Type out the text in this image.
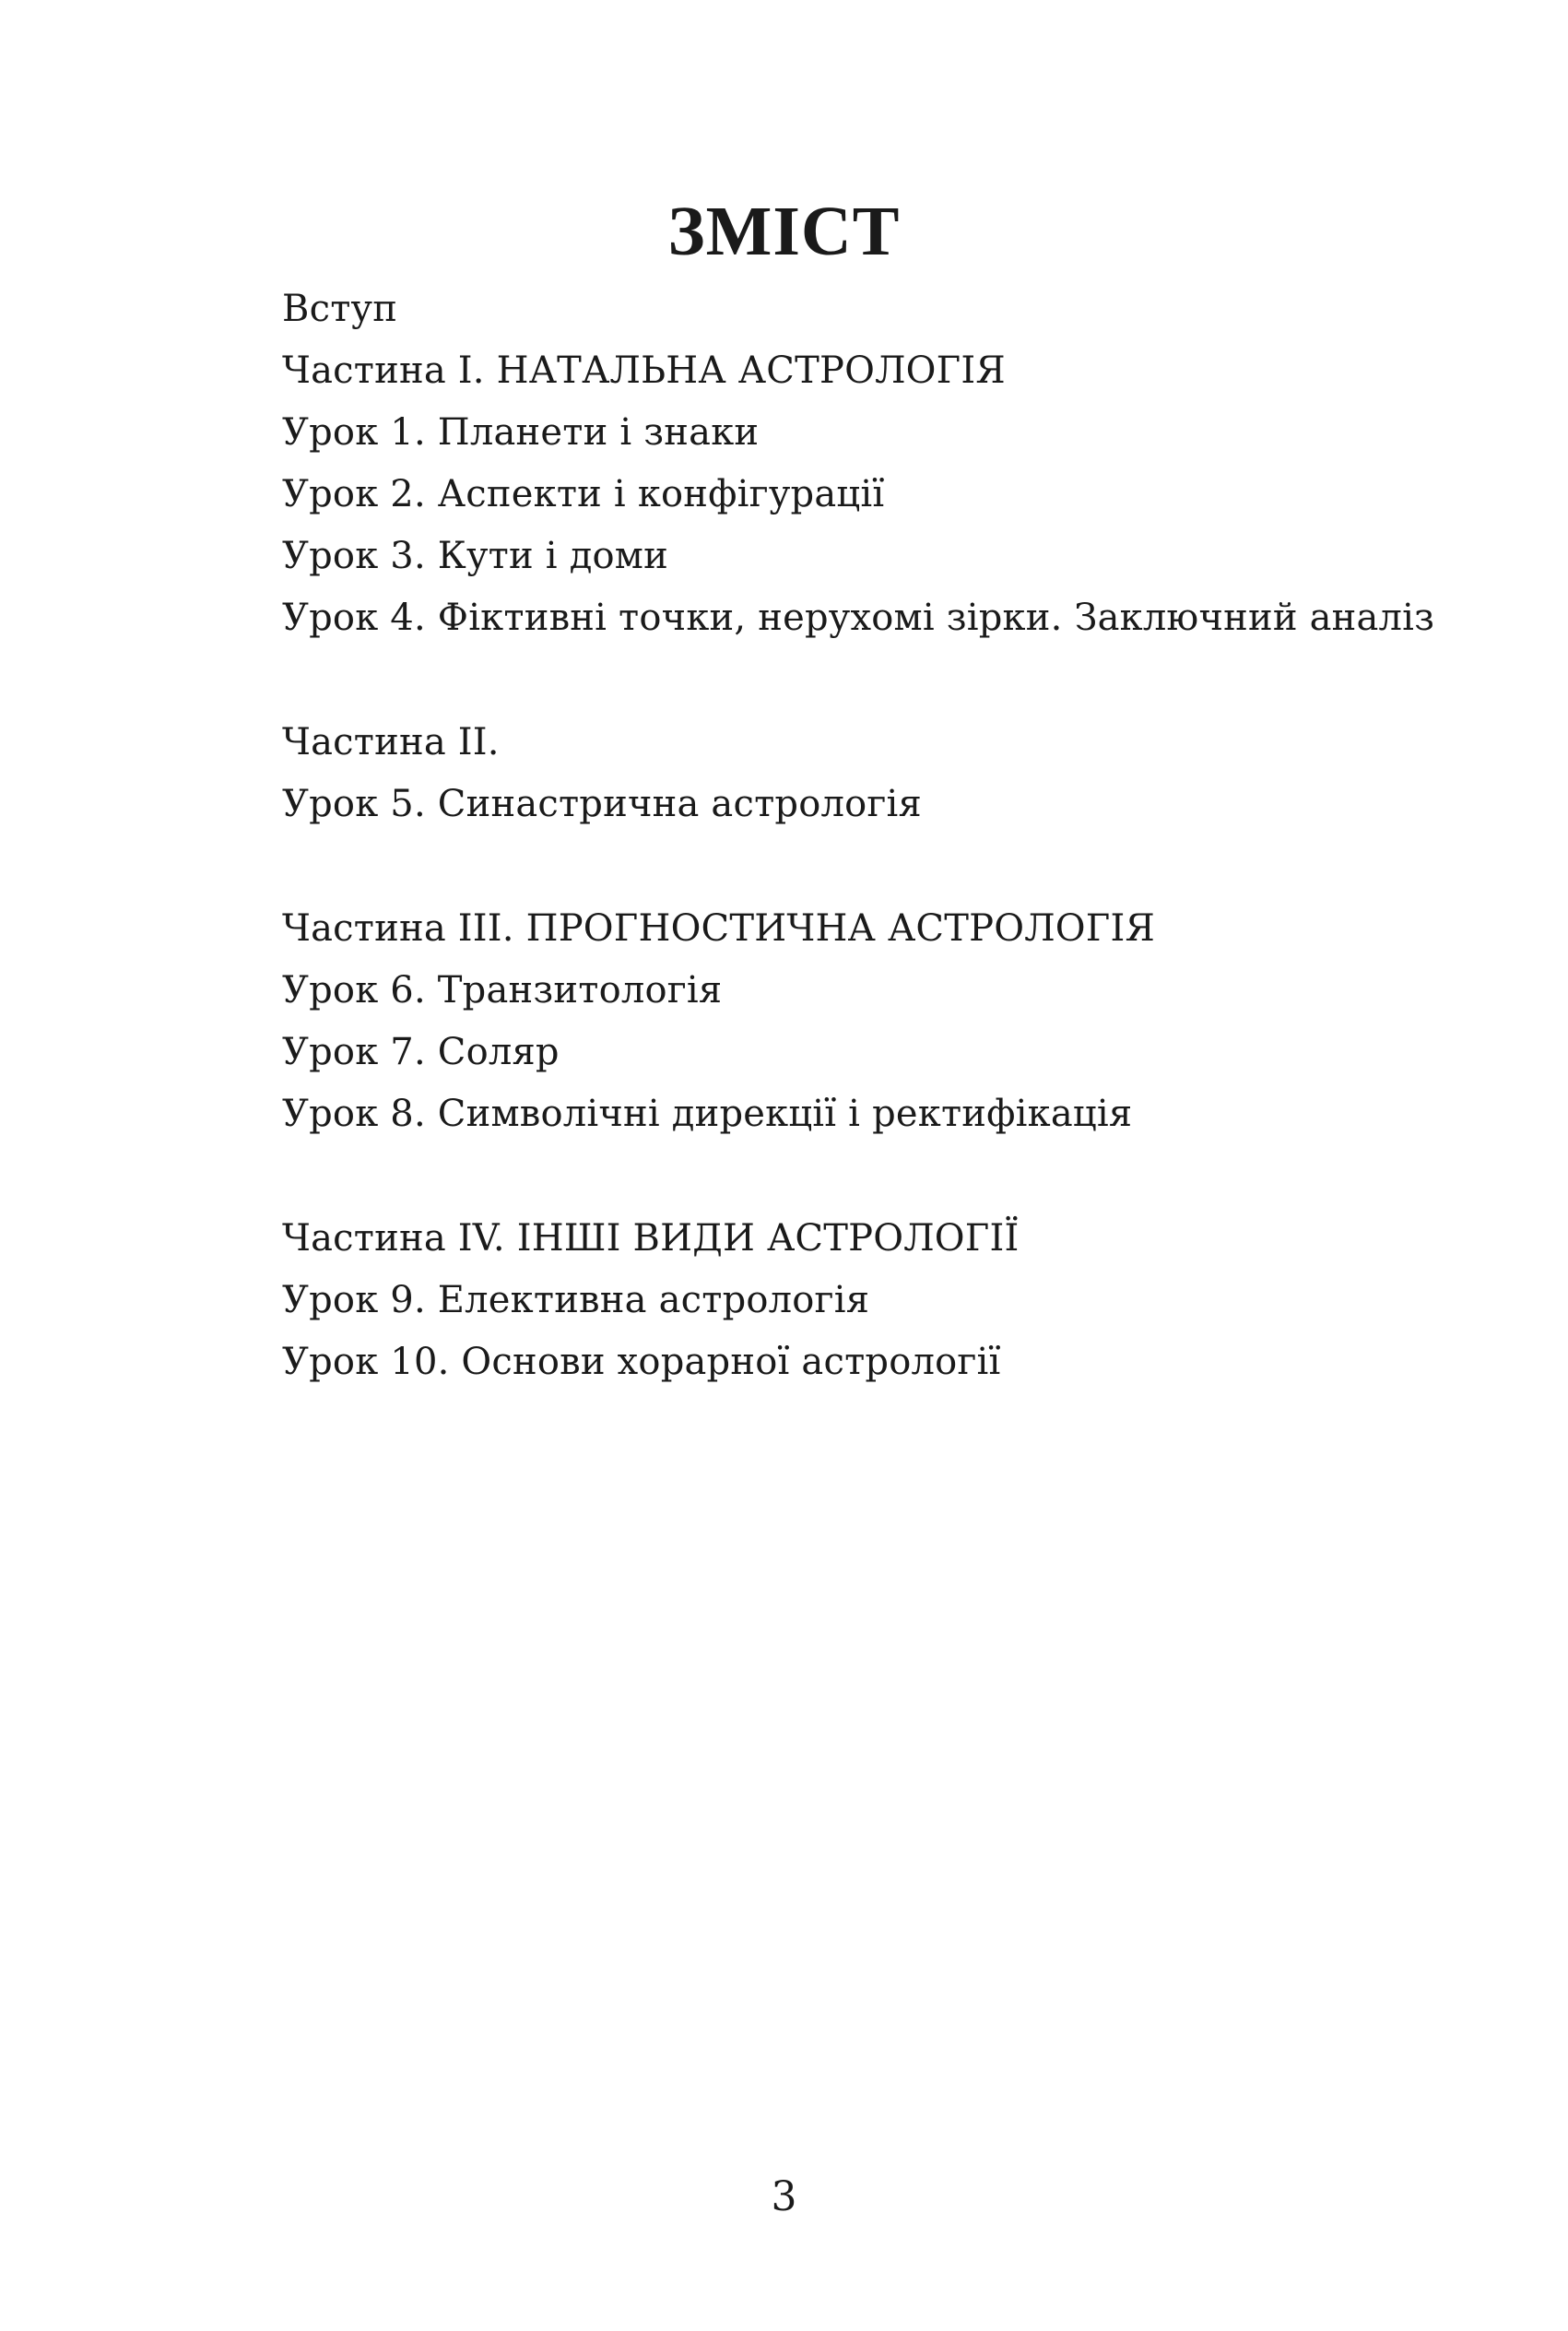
ЗМІСТ
Вступ
Частина I. НАТАЛЬНА АСТРОЛОГІЯ
Урок 1. Планети і знаки
Урок 2. Аспекти і конфігурації
Урок 3. Кути і доми
Урок 4. Фіктивні точки, нерухомі зірки. Заключний аналіз
Частина II.
Урок 5. Синастрична астрологія
Частина III. ПРОГНОСТИЧНА АСТРОЛОГІЯ
Урок 6. Транзитологія
Урок 7. Соляр
Урок 8. Символічні дирекції і ректифікація
Частина IV. ІНШІ ВИДИ АСТРОЛОГІЇ
Урок 9. Елективна астрологія
Урок 10. Основи хорарної астрології
3
